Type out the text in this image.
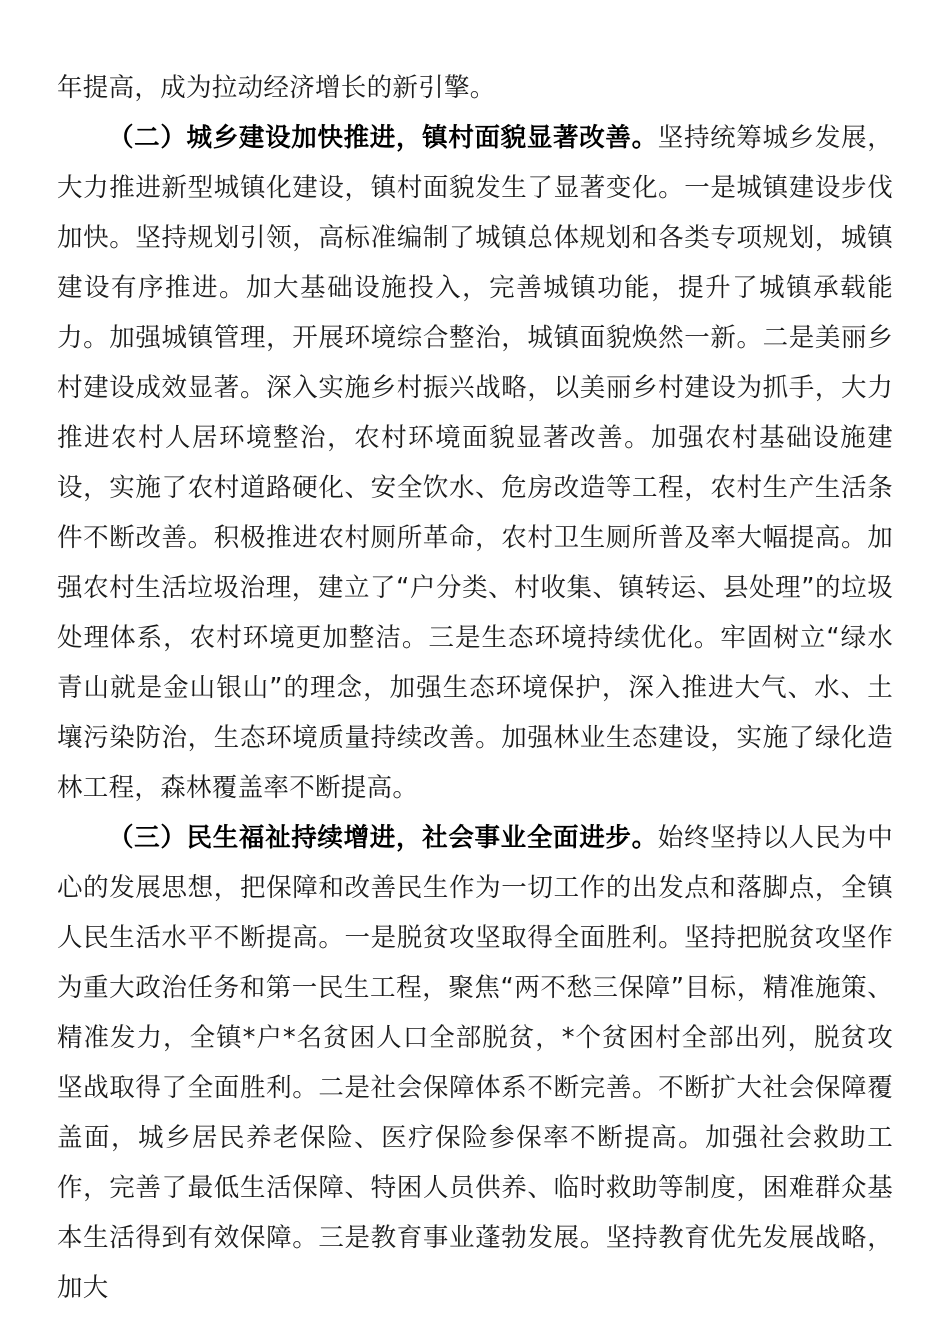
年提高，成为拉动经济增长的新引擎。

（二）城乡建设加快推进，镇村面貌显著改善。坚持统筹城乡发展，大力推进新型城镇化建设，镇村面貌发生了显著变化。一是城镇建设步伐加快。坚持规划引领，高标准编制了城镇总体规划和各类专项规划，城镇建设有序推进。加大基础设施投入，完善城镇功能，提升了城镇承载能力。加强城镇管理，开展环境综合整治，城镇面貌焕然一新。二是美丽乡村建设成效显著。深入实施乡村振兴战略，以美丽乡村建设为抓手，大力推进农村人居环境整治，农村环境面貌显著改善。加强农村基础设施建设，实施了农村道路硬化、安全饮水、危房改造等工程，农村生产生活条件不断改善。积极推进农村厕所革命，农村卫生厕所普及率大幅提高。加强农村生活垃圾治理，建立了“户分类、村收集、镇转运、县处理”的垃圾处理体系，农村环境更加整洁。三是生态环境持续优化。牢固树立“绿水青山就是金山银山”的理念，加强生态环境保护，深入推进大气、水、土壤污染防治，生态环境质量持续改善。加强林业生态建设，实施了绿化造林工程，森林覆盖率不断提高。

（三）民生福祉持续增进，社会事业全面进步。始终坚持以人民为中心的发展思想，把保障和改善民生作为一切工作的出发点和落脚点，全镇人民生活水平不断提高。一是脱贫攻坚取得全面胜利。坚持把脱贫攻坚作为重大政治任务和第一民生工程，聚焦“两不愁三保障”目标，精准施策、精准发力，全镇*户*名贫困人口全部脱贫，*个贫困村全部出列，脱贫攻坚战取得了全面胜利。二是社会保障体系不断完善。不断扩大社会保障覆盖面，城乡居民养老保险、医疗保险参保率不断提高。加强社会救助工作，完善了最低生活保障、特困人员供养、临时救助等制度，困难群众基本生活得到有效保障。三是教育事业蓬勃发展。坚持教育优先发展战略，加大
